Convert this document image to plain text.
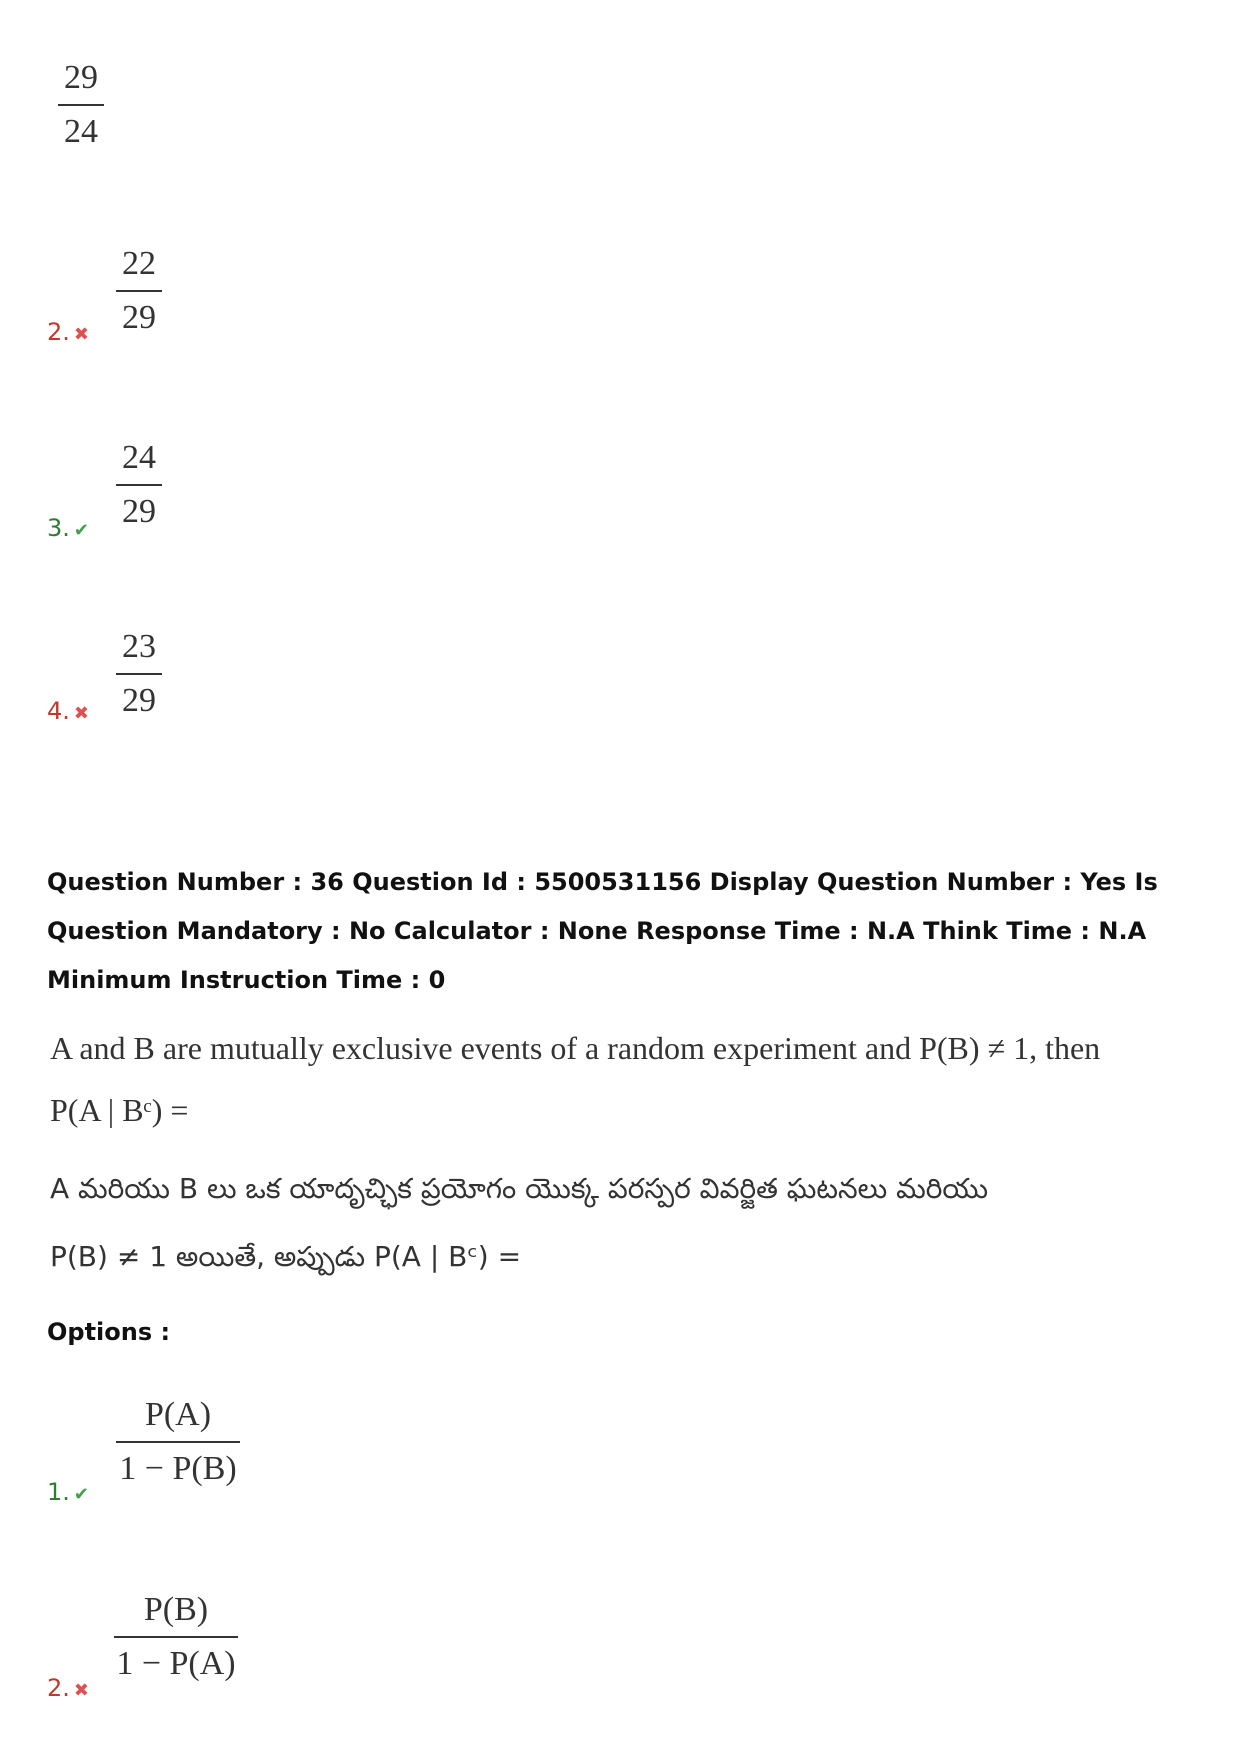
29
24
22
29
2. ✖
24
29
3. ✔
23
29
4. ✖
Question Number : 36 Question Id : 5500531156 Display Question Number : Yes Is Question Mandatory : No Calculator : None Response Time : N.A Think Time : N.A Minimum Instruction Time : 0
A and B are mutually exclusive events of a random experiment and P(B) ≠ 1, then
P(A | Bᶜ) =
A మరియు B లు ఒక యాదృచ్ఛిక ప్రయోగం యొక్క పరస్పర వివర్జిత ఘటనలు మరియు
P(B) ≠ 1 అయితే, అప్పుడు P(A | Bᶜ) =
Options :
P(A)
1 − P(B)
1. ✔
P(B)
1 − P(A)
2. ✖
